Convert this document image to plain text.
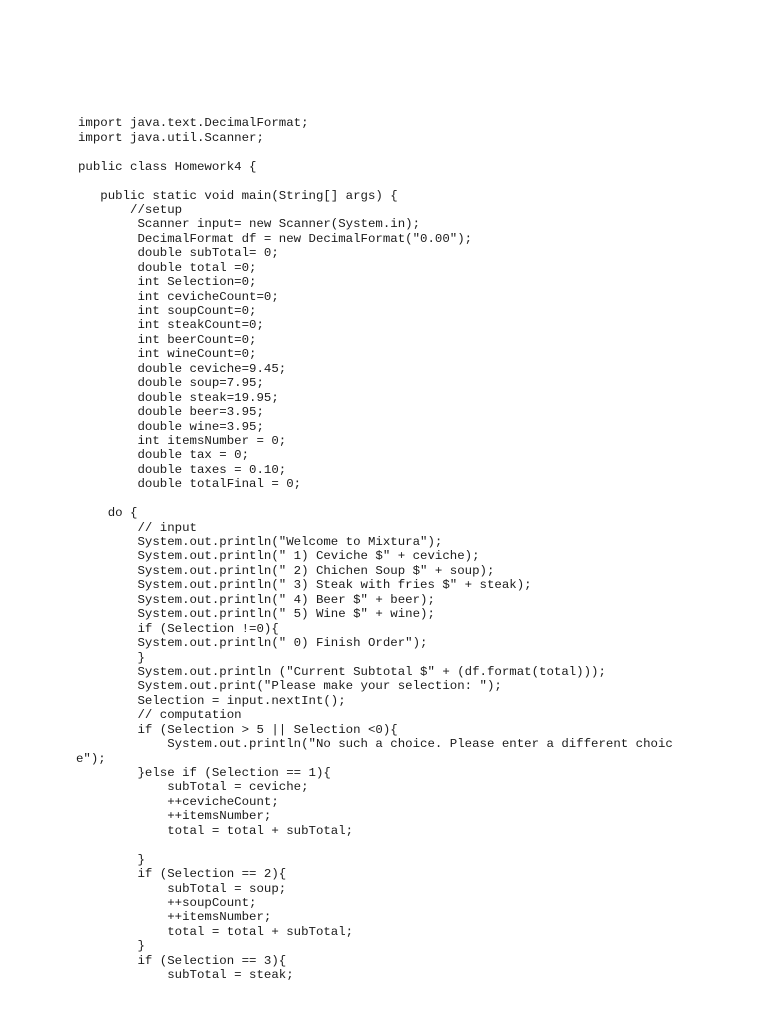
import java.text.DecimalFormat;
import java.util.Scanner;

public class Homework4 {

public static void main(String[] args) {
//setup
Scanner input= new Scanner(System.in);
DecimalFormat df = new DecimalFormat("0.00");
double subTotal= 0;
double total =0;
int Selection=0;
int cevicheCount=0;
int soupCount=0;
int steakCount=0;
int beerCount=0;
int wineCount=0;
double ceviche=9.45;
double soup=7.95;
double steak=19.95;
double beer=3.95;
double wine=3.95;
int itemsNumber = 0;
double tax = 0;
double taxes = 0.10;
double totalFinal = 0;

do {
// input
System.out.println("Welcome to Mixtura");
System.out.println(" 1) Ceviche $" + ceviche);
System.out.println(" 2) Chichen Soup $" + soup);
System.out.println(" 3) Steak with fries $" + steak);
System.out.println(" 4) Beer $" + beer);
System.out.println(" 5) Wine $" + wine);
if (Selection !=0){
System.out.println(" 0) Finish Order");
}
System.out.println ("Current Subtotal $" + (df.format(total)));
System.out.print("Please make your selection: ");
Selection = input.nextInt();
// computation
if (Selection > 5 || Selection <0){
System.out.println("No such a choice. Please enter a different choic
e");
}else if (Selection == 1){
subTotal = ceviche;
++cevicheCount;
++itemsNumber;
total = total + subTotal;

}
if (Selection == 2){
subTotal = soup;
++soupCount;
++itemsNumber;
total = total + subTotal;
}
if (Selection == 3){
subTotal = steak;
